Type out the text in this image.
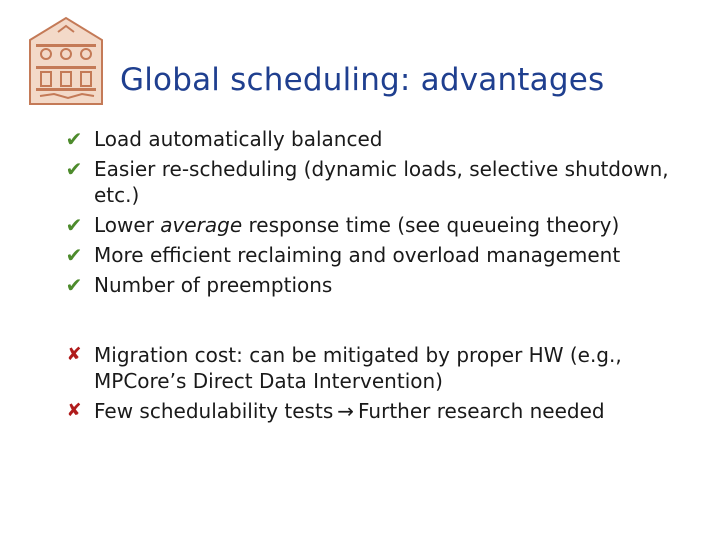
Global scheduling: advantages
✔ Load automatically balanced
✔ Easier re-scheduling (dynamic loads, selective shutdown, etc.)
✔ Lower average response time (see queueing theory)
✔ More efficient reclaiming and overload management
✔ Number of preemptions
✘ Migration cost: can be mitigated by proper HW (e.g., MPCore’s Direct Data Intervention)
✘ Few schedulability tests → Further research needed
